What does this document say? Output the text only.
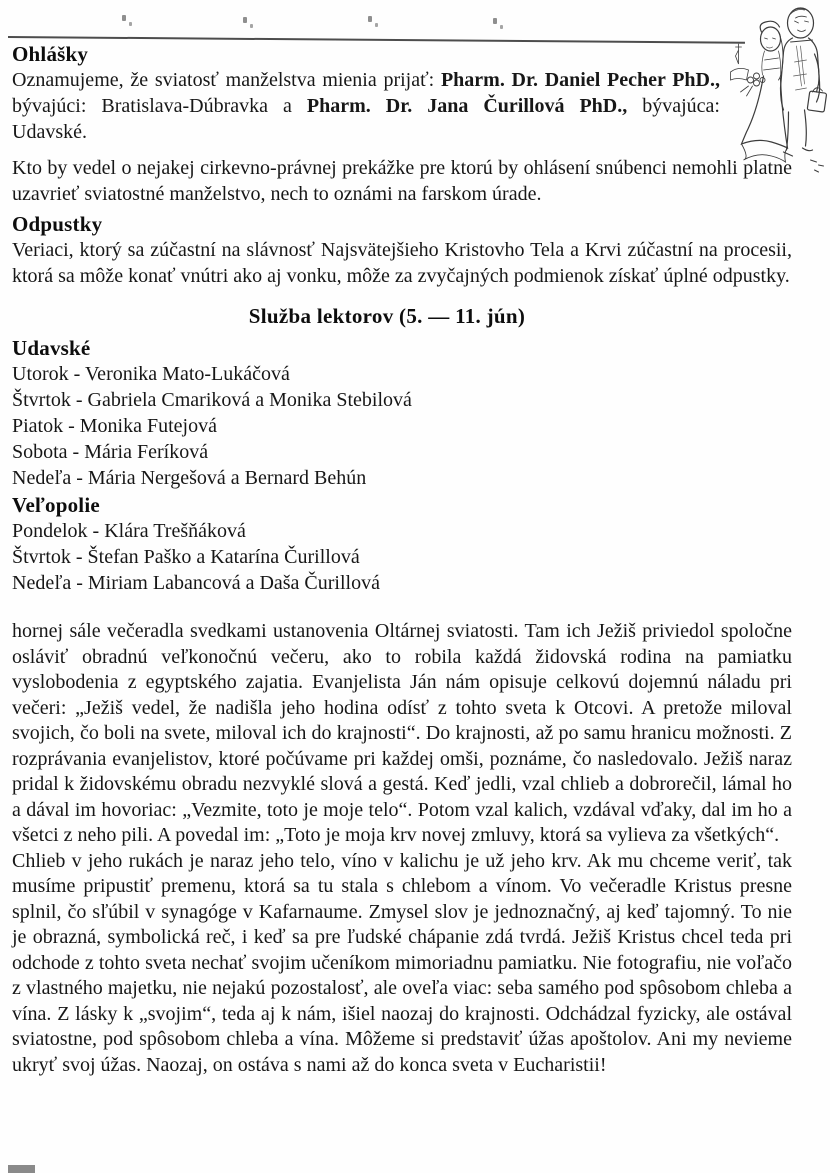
Ohlášky

Oznamujeme, že sviatosť manželstva mienia prijať: Pharm. Dr. Daniel Pecher PhD., bývajúci: Bratislava-Dúbravka a Pharm. Dr. Jana Čurillová PhD., bývajúca: Udavské.

Kto by vedel o nejakej cirkevno-právnej prekážke pre ktorú by ohlásení snúbenci nemohli platne uzavrieť sviatostné manželstvo, nech to oznámi na farskom úrade.

Odpustky

Veriaci, ktorý sa zúčastní na slávnosť Najsvätejšieho Kristovho Tela a Krvi zúčastní na procesii, ktorá sa môže konať vnútri ako aj vonku, môže za zvyčajných podmienok získať úplné odpustky.

Služba lektorov (5. — 11. jún)
Udavské
Utorok - Veronika Mato-Lukáčová
Štvrtok - Gabriela Cmariková a Monika Stebilová
Piatok - Monika Futejová
Sobota - Mária Feríková
Nedeľa - Mária Nergešová a Bernard Behún
Veľopolie
Pondelok - Klára Trešňáková
Štvrtok - Štefan Paško a Katarína Čurillová
Nedeľa - Miriam Labancová a Daša Čurillová

hornej sále večeradla svedkami ustanovenia Oltárnej sviatosti. Tam ich Ježiš priviedol spoločne osláviť obradnú veľkonočnú večeru, ako to robila každá židovská rodina na pamiatku vyslobodenia z egyptského zajatia. Evanjelista Ján nám opisuje celkovú dojemnú náladu pri večeri: „Ježiš vedel, že nadišla jeho hodina odísť z tohto sveta k Otcovi. A pretože miloval svojich, čo boli na svete, miloval ich do krajnosti“. Do krajnosti, až po samu hranicu možnosti. Z rozprávania evanjelistov, ktoré počúvame pri každej omši, poznáme, čo nasledovalo. Ježiš naraz pridal k židovskému obradu nezvyklé slová a gestá. Keď jedli, vzal chlieb a dobrorečil, lámal ho a dával im hovoriac: „Vezmite, toto je moje telo“. Potom vzal kalich, vzdával vďaky, dal im ho a všetci z neho pili. A povedal im: „Toto je moja krv novej zmluvy, ktorá sa vylieva za všetkých“.

Chlieb v jeho rukách je naraz jeho telo, víno v kalichu je už jeho krv. Ak mu chceme veriť, tak musíme pripustiť premenu, ktorá sa tu stala s chlebom a vínom. Vo večeradle Kristus presne splnil, čo sľúbil v synagóge v Kafarnaume. Zmysel slov je jednoznačný, aj keď tajomný. To nie je obrazná, symbolická reč, i keď sa pre ľudské chápanie zdá tvrdá. Ježiš Kristus chcel teda pri odchode z tohto sveta nechať svojim učeníkom mimoriadnu pamiatku. Nie fotografiu, nie voľačo z vlastného majetku, nie nejakú pozostalosť, ale oveľa viac: seba samého pod spôsobom chleba a vína. Z lásky k „svojim“, teda aj k nám, išiel naozaj do krajnosti. Odchádzal fyzicky, ale ostával sviatostne, pod spôsobom chleba a vína. Môžeme si predstaviť úžas apoštolov. Ani my nevieme ukryť svoj úžas. Naozaj, on ostáva s nami až do konca sveta v Eucharistii!
